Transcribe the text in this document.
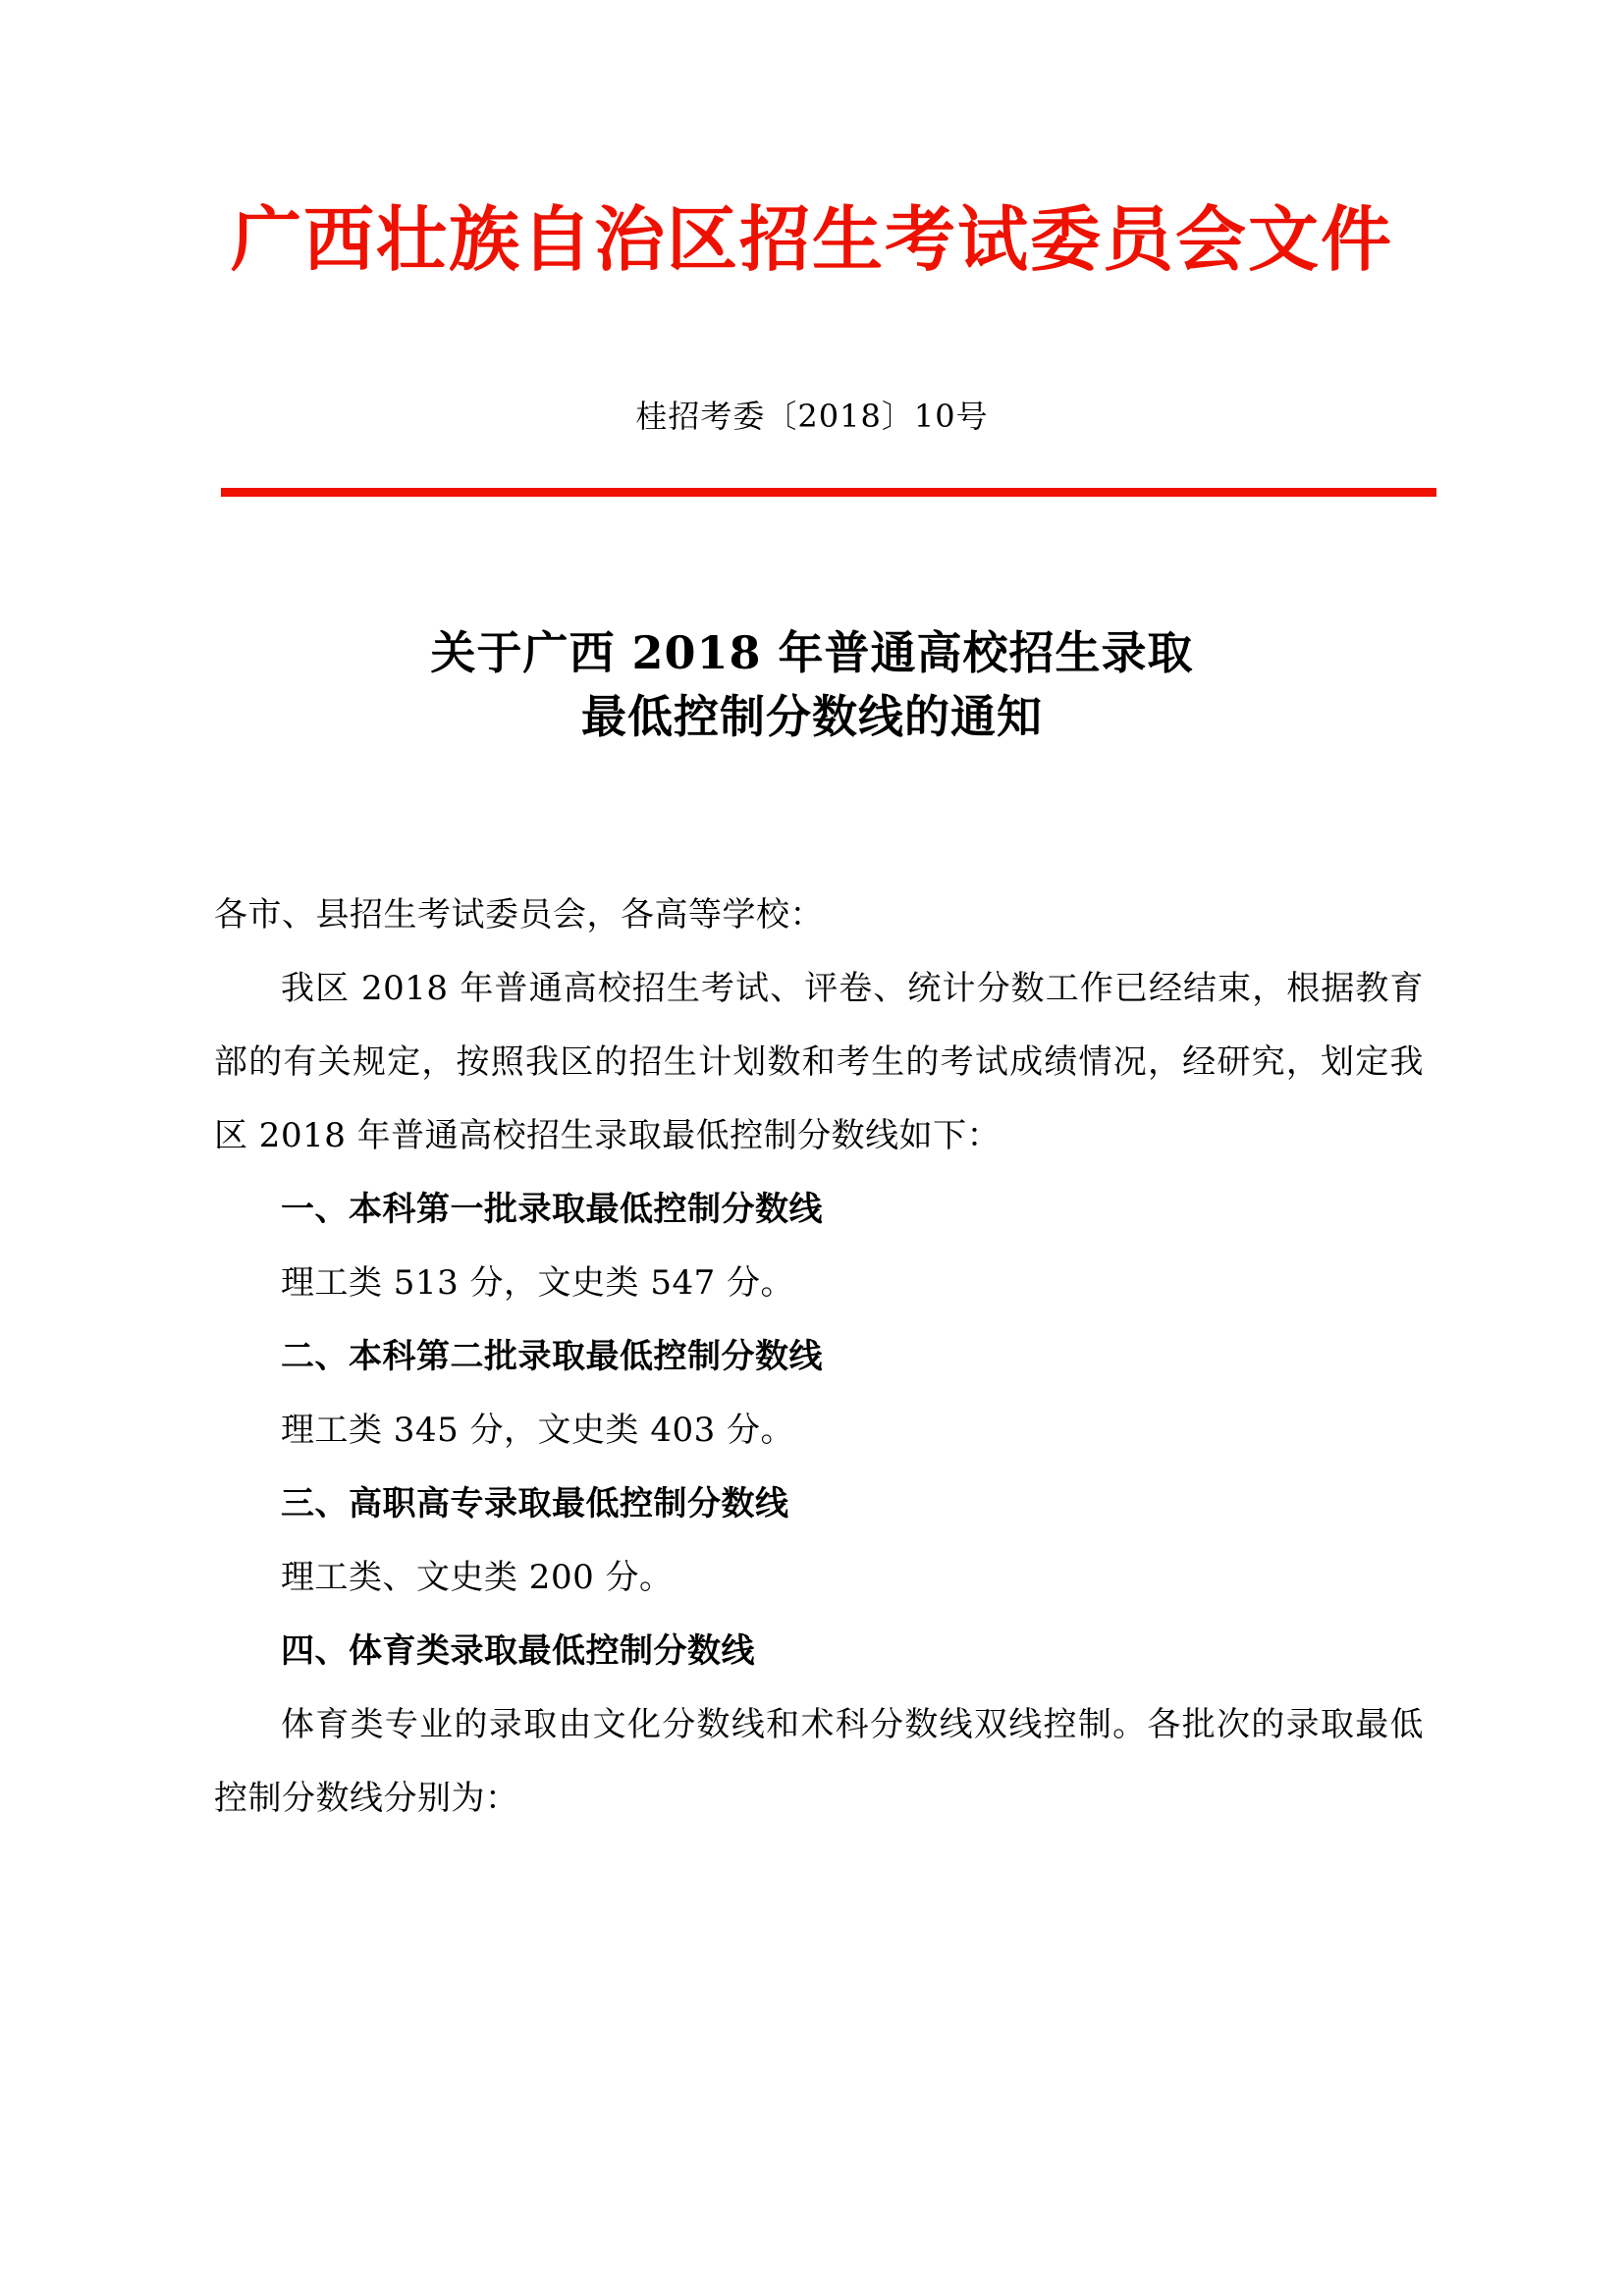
广西壮族自治区招生考试委员会文件
桂招考委〔2018〕10号
关于广西 2018 年普通高校招生录取
最低控制分数线的通知

各市、县招生考试委员会，各高等学校：

我区 2018 年普通高校招生考试、评卷、统计分数工作已经结束，根据教育部的有关规定，按照我区的招生计划数和考生的考试成绩情况，经研究，划定我区 2018 年普通高校招生录取最低控制分数线如下：

一、本科第一批录取最低控制分数线

理工类 513 分，文史类 547 分。

二、本科第二批录取最低控制分数线

理工类 345 分，文史类 403 分。

三、高职高专录取最低控制分数线

理工类、文史类 200 分。

四、体育类录取最低控制分数线

体育类专业的录取由文化分数线和术科分数线双线控制。各批次的录取最低控制分数线分别为：
